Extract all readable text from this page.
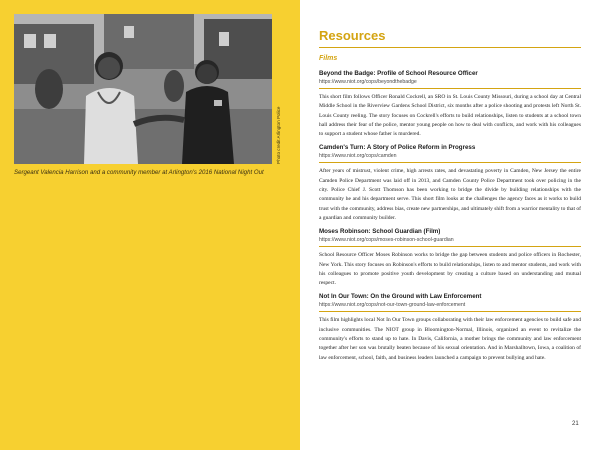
Photo credit Arlington Police
Sergeant Valencia Harrison and a community member at Arlington's 2016 National Night Out
Resources
Films
Beyond the Badge: Profile of School Resource Officer
https://www.niot.org/cops/beyondthebadge

This short film follows Officer Ronald Cockrell, an SRO in St. Louis County Missouri, during a school day at Central Middle School in the Riverview Gardens School District, six months after a police shooting and protests left North St. Louis County reeling. The story focuses on Cockrell's efforts to build relationships, listen to students at a school town hall address their fear of the police, mentor young people on how to deal with conflicts, and work with his colleagues to support a student whose father is murdered.

Camden's Turn: A Story of Police Reform in Progress
https://www.niot.org/cops/camden

After years of mistrust, violent crime, high arrests rates, and devastating poverty in Camden, New Jersey the entire Camden Police Department was laid off in 2013, and Camden County Police Department took over policing in the city. Police Chief J. Scott Thomson has been working to bridge the divide by building relationships with the community he and his department serve. This short film looks at the challenges the agency faces as it works to build trust with the community, address bias, create new partnerships, and ultimately shift from a warrior mentality to that of a guardian and community builder.

Moses Robinson: School Guardian (Film)
https://www.niot.org/cops/moses-robinson-school-guardian

School Resource Officer Moses Robinson works to bridge the gap between students and police officers in Rochester, New York. This story focuses on Robinson's efforts to build relationships, listen to and mentor students, and work with his colleagues to promote positive youth development by creating a culture based on understanding and mutual respect.

Not In Our Town: On the Ground with Law Enforcement
https://www.niot.org/cops/not-our-town-ground-law-enforcement

This film highlights local Not In Our Town groups collaborating with their law enforcement agencies to build safe and inclusive communities. The NIOT group in Bloomington-Normal, Illinois, organized an event to revitalize the community's efforts to stand up to hate. In Davis, California, a mother brings the community and law enforcement together after her son was brutally beaten because of his sexual orientation. And in Marshalltown, Iowa, a coalition of law enforcement, school, faith, and business leaders launched a campaign to prevent bullying and hate.

21
